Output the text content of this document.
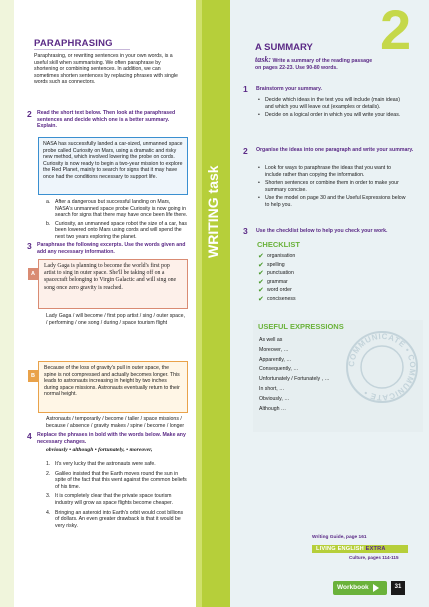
PARAPHRASING
Paraphrasing, or rewriting sentences in your own words, is a useful skill when summarising. We often paraphrase by shortening or combining sentences. In addition, we can sometimes shorten sentences by replacing phrases with single words such as connectors.
2 Read the short text below. Then look at the paraphrased sentences and decide which one is a better summary. Explain.
NASA has successfully landed a car-sized, unmanned space probe called Curiosity on Mars, using a dramatic and risky new method, which involved lowering the probe on cords. Curiosity is now ready to begin a two-year mission to explore the Red Planet, mainly to search for signs that it may have once had the conditions necessary to support life.
a. After a dangerous but successful landing on Mars, NASA's unmanned space probe Curiosity is now going in search for signs that there may have once been life there.
b. Curiosity, an unmanned space robot the size of a car, has been lowered onto Mars using cords and will spend the next two years exploring the planet.
3 Paraphrase the following excerpts. Use the words given and add any necessary information.
A
Lady Gaga is planning to become the world's first pop artist to sing in outer space. She'll be taking off on a spacecraft belonging to Virgin Galactic and will sing one song once zero gravity is reached.
Lady Gaga / will become / first pop artist / sing / outer space, / performing / one song / during / space tourism flight
B
Because of the loss of gravity's pull in outer space, the spine is not compressed and actually becomes longer. This leads to astronauts increasing in height by two inches during space missions. Astronauts eventually return to their normal height.
Astronauts / temporarily / become / taller / space missions / because / absence / gravity makes / spine / become / longer
4 Replace the phrases in bold with the words below. Make any necessary changes.
obviously • although • fortunately, • moreover,
1. It's very lucky that the astronauts were safe.
2. Galileo insisted that the Earth moves round the sun in spite of the fact that this went against the common beliefs of his time.
3. It is completely clear that the private space tourism industry will grow as space flights become cheaper.
4. Bringing an asteroid into Earth's orbit would cost billions of dollars. An even greater drawback is that it would be very risky.
WRITING task
2
A SUMMARY
task: Write a summary of the reading passage on pages 22-23. Use 90-80 words.
1 Brainstorm your summary.
• Decide which ideas in the text you will include (main ideas) and which you will leave out (examples or details).
• Decide on a logical order in which you will write your ideas.
2 Organise the ideas into one paragraph and write your summary.
• Look for ways to paraphrase the ideas that you want to include rather than copying the information.
• Shorten sentences or combine them in order to make your summary concise.
• Use the model on page 30 and the Useful Expressions below to help you.
3 Use the checklist below to help you check your work.
CHECKLIST
✔ organisation
✔ spelling
✔ punctuation
✔ grammar
✔ word order
✔ conciseness
USEFUL EXPRESSIONS
As well as
Moreover, …
Apparently, …
Consequently, …
Unfortunately / Fortunately , …
In short, …
Obviously, …
Although …
COMMUNICATE • COMMUNICATE •
Writing Guide, page 161
LIVING ENGLISH EXTRA
Culture, pages 114-115
Workbook	31
